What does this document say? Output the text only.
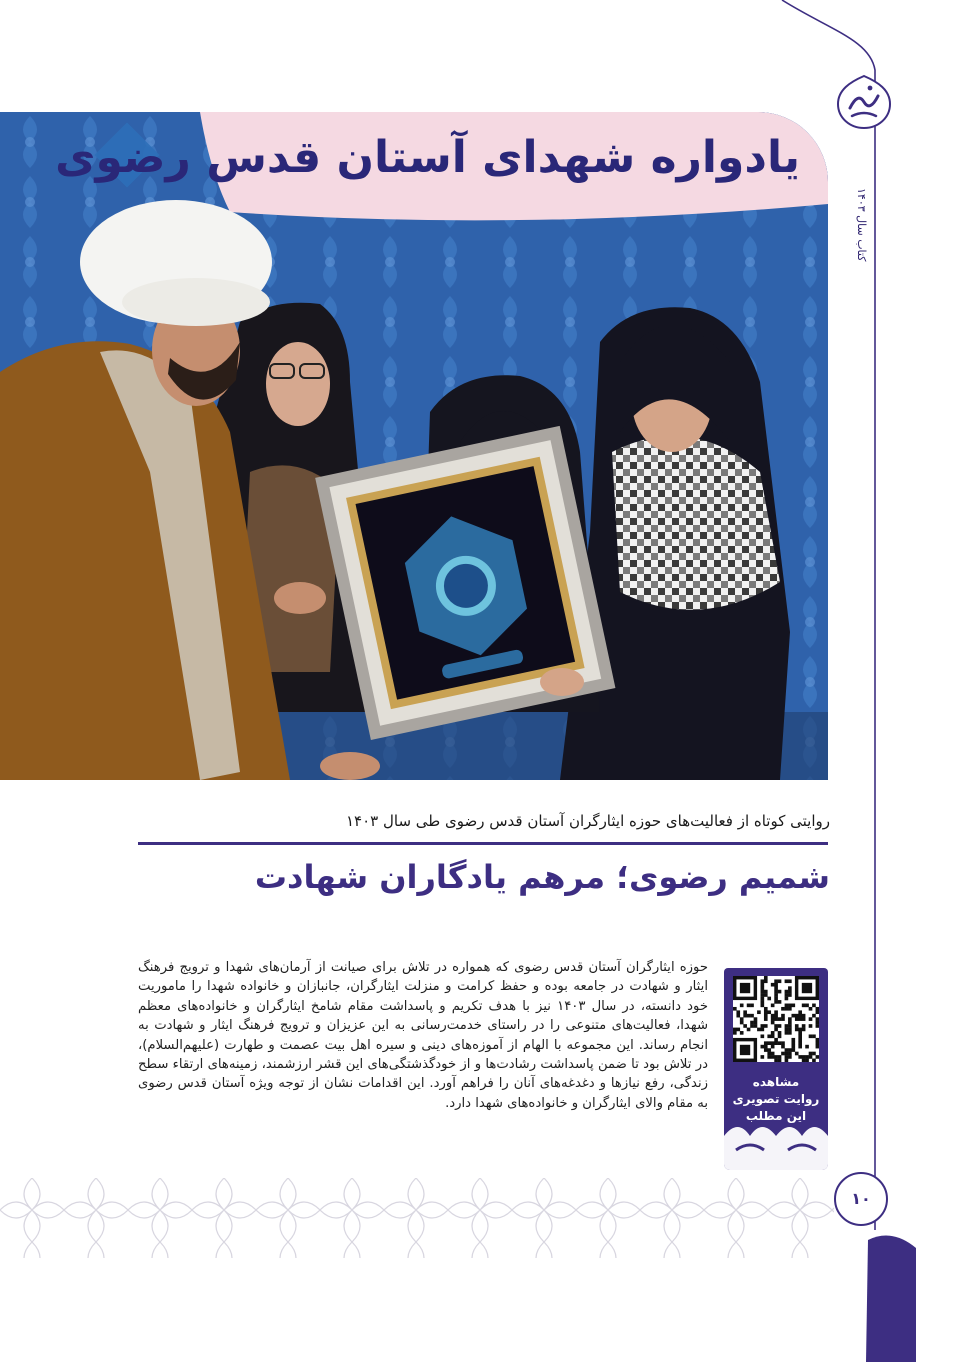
کتاب سال ۱۴۰۳
یادواره شهدای آستان قدس رضوی
روایتی کوتاه از فعالیت‌های حوزه ایثارگران آستان قدس رضوی طی سال ۱۴۰۳
شمیم رضوی؛ مرهم یادگاران شهادت
حوزه ایثارگران آستان قدس رضوی که همواره در تلاش برای صیانت از آرمان‌های شهدا و ترویج فرهنگ ایثار و شهادت در جامعه بوده و حفظ کرامت و منزلت ایثارگران، جانبازان و خانواده شهدا را ماموریت خود دانسته، در سال ۱۴۰۳ نیز با هدف تکریم و پاسداشت مقام شامخ ایثارگران و خانواده‌های معظم شهدا، فعالیت‌های متنوعی را در راستای خدمت‌رسانی به این عزیزان و ترویج فرهنگ ایثار و شهادت به انجام رساند. این مجموعه با الهام از آموزه‌های دینی و سیره اهل بیت عصمت و طهارت (علیهم‌السلام)، در تلاش بود تا ضمن پاسداشت رشادت‌ها و از خودگذشتگی‌های این قشر ارزشمند، زمینه‌های ارتقاء سطح زندگی، رفع نیازها و دغدغه‌های آنان را فراهم آورد. این اقدامات نشان از توجه ویژه آستان قدس رضوی به مقام والای ایثارگران و خانواده‌های شهدا دارد.
مشاهده
روایت تصویری
این مطلب
۱۰
